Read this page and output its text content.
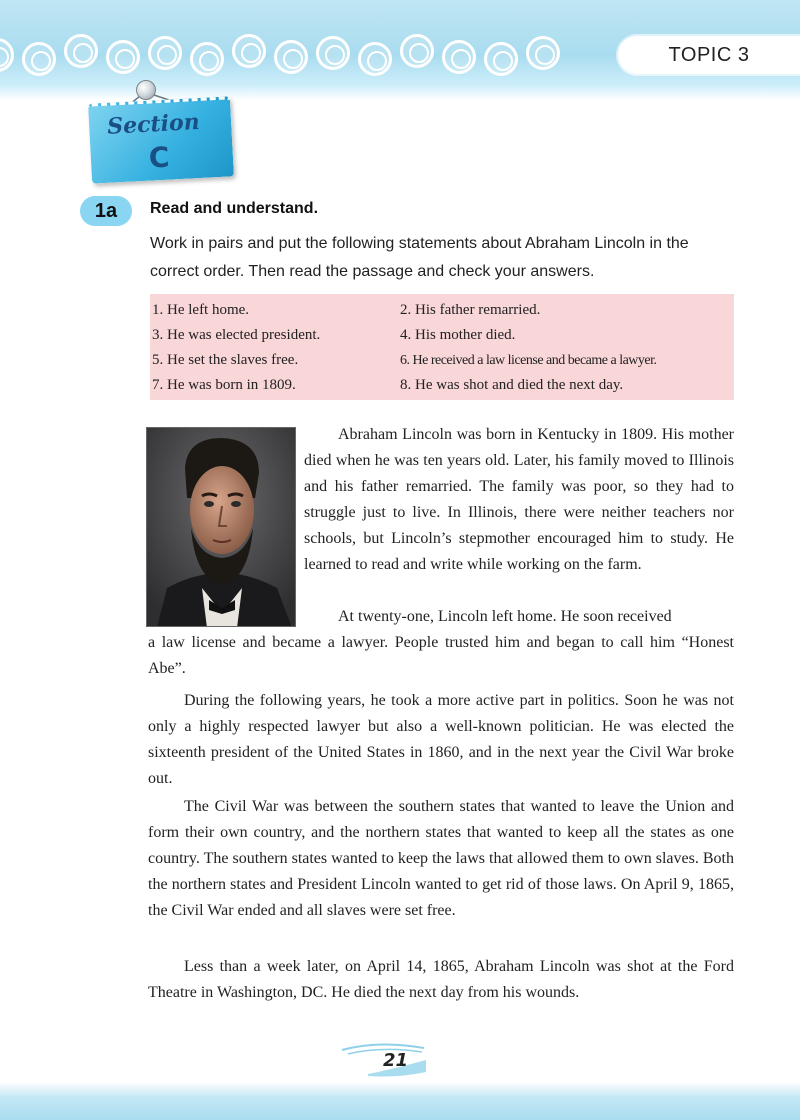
TOPIC 3
Section
C
1a Read and understand.
Work in pairs and put the following statements about Abraham Lincoln in the correct order. Then read the passage and check your answers.
1. He left home.	2. His father remarried.
3. He was elected president.	4. His mother died.
5. He set the slaves free.	6. He received a law license and became a lawyer.
7. He was born in 1809.	8. He was shot and died the next day.

Abraham Lincoln was born in Kentucky in 1809. His mother died when he was ten years old. Later, his family moved to Illinois and his father remarried. The family was poor, so they had to struggle just to live. In Illinois, there were neither teachers nor schools, but Lincoln’s stepmother encouraged him to study. He learned to read and write while working on the farm.

At twenty-one, Lincoln left home. He soon received
a law license and became a lawyer. People trusted him and began to call him “Honest Abe”.

During the following years, he took a more active part in politics. Soon he was not only a highly respected lawyer but also a well-known politician. He was elected the sixteenth president of the United States in 1860, and in the next year the Civil War broke out.

The Civil War was between the southern states that wanted to leave the Union and form their own country, and the northern states that wanted to keep all the states as one country. The southern states wanted to keep the laws that allowed them to own slaves. Both the northern states and President Lincoln wanted to get rid of those laws. On April 9, 1865, the Civil War ended and all slaves were set free.

Less than a week later, on April 14, 1865, Abraham Lincoln was shot at the Ford Theatre in Washington, DC. He died the next day from his wounds.

21
